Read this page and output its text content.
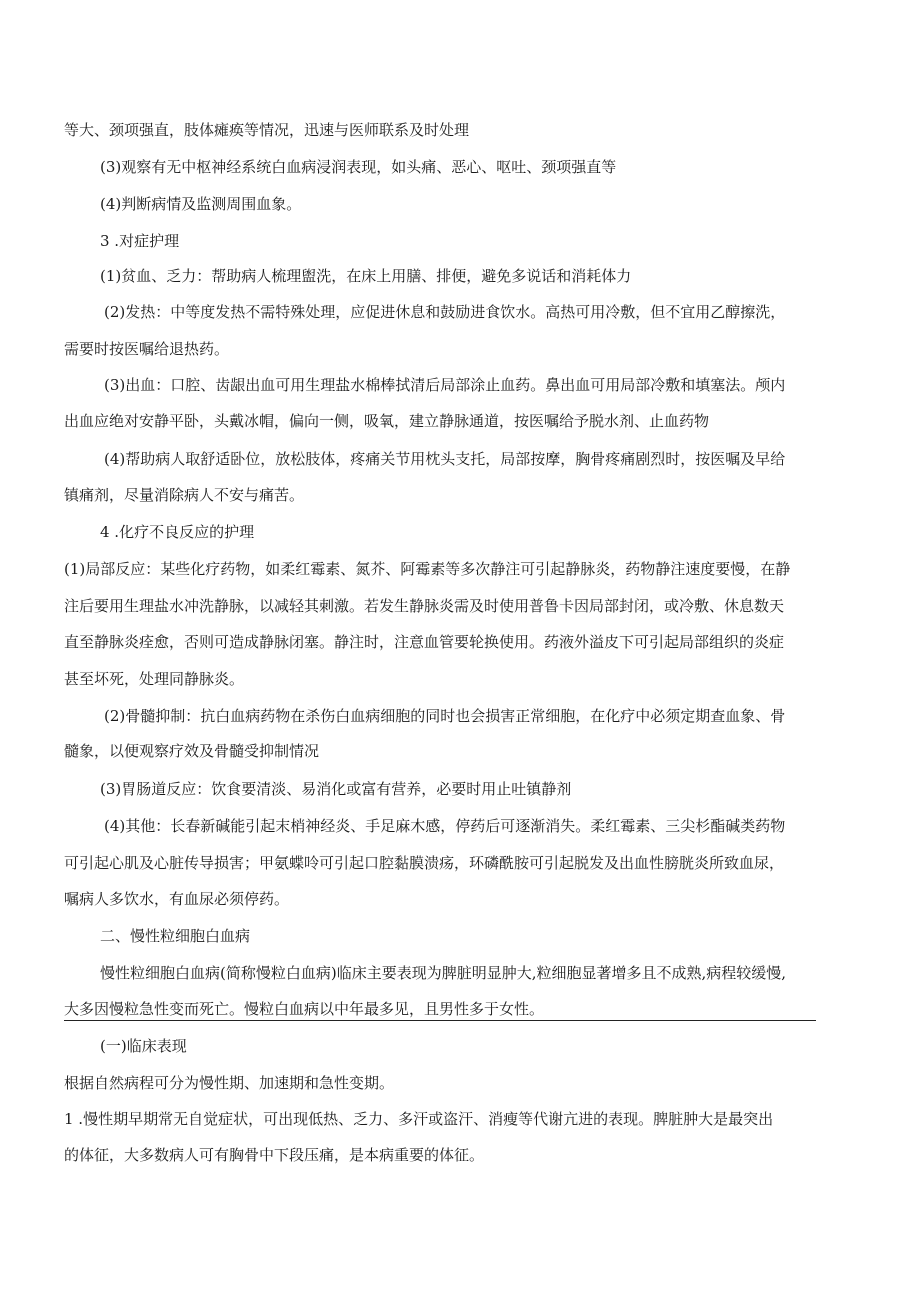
等大、颈项强直，肢体瘫痪等情况，迅速与医师联系及时处理

(3)观察有无中枢神经系统白血病浸润表现，如头痛、恶心、呕吐、颈项强直等

(4)判断病情及监测周围血象。

3 .对症护理

(1)贫血、乏力：帮助病人梳理盥洗，在床上用膳、排便，避免多说话和消耗体力

(2)发热：中等度发热不需特殊处理，应促进休息和鼓励进食饮水。高热可用冷敷，但不宜用乙醇擦洗，

需要时按医嘱给退热药。

(3)出血：口腔、齿龈出血可用生理盐水棉棒拭清后局部涂止血药。鼻出血可用局部冷敷和填塞法。颅内

出血应绝对安静平卧，头戴冰帽，偏向一侧，吸氧，建立静脉通道，按医嘱给予脱水剂、止血药物

(4)帮助病人取舒适卧位，放松肢体，疼痛关节用枕头支托，局部按摩，胸骨疼痛剧烈时，按医嘱及早给

镇痛剂，尽量消除病人不安与痛苦。

4 .化疗不良反应的护理

(1)局部反应：某些化疗药物，如柔红霉素、氮芥、阿霉素等多次静注可引起静脉炎，药物静注速度要慢，在静

注后要用生理盐水冲洗静脉，以减轻其刺激。若发生静脉炎需及时使用普鲁卡因局部封闭，或冷敷、休息数天

直至静脉炎痊愈，否则可造成静脉闭塞。静注时，注意血管要轮换使用。药液外溢皮下可引起局部组织的炎症

甚至坏死，处理同静脉炎。

(2)骨髓抑制：抗白血病药物在杀伤白血病细胞的同时也会损害正常细胞，在化疗中必须定期查血象、骨

髓象，以便观察疗效及骨髓受抑制情况

(3)胃肠道反应：饮食要清淡、易消化或富有营养，必要时用止吐镇静剂

(4)其他：长春新碱能引起末梢神经炎、手足麻木感，停药后可逐渐消失。柔红霉素、三尖杉酯碱类药物

可引起心肌及心脏传导损害；甲氨蝶呤可引起口腔黏膜溃疡，环磷酰胺可引起脱发及出血性膀胱炎所致血尿，

嘱病人多饮水，有血尿必须停药。

二、慢性粒细胞白血病

慢性粒细胞白血病(简称慢粒白血病)临床主要表现为脾脏明显肿大,粒细胞显著增多且不成熟,病程较缓慢,

大多因慢粒急性变而死亡。慢粒白血病以中年最多见，且男性多于女性。

(一)临床表现

根据自然病程可分为慢性期、加速期和急性变期。

1 .慢性期早期常无自觉症状，可出现低热、乏力、多汗或盗汗、消瘦等代谢亢进的表现。脾脏肿大是最突出

的体征，大多数病人可有胸骨中下段压痛，是本病重要的体征。
